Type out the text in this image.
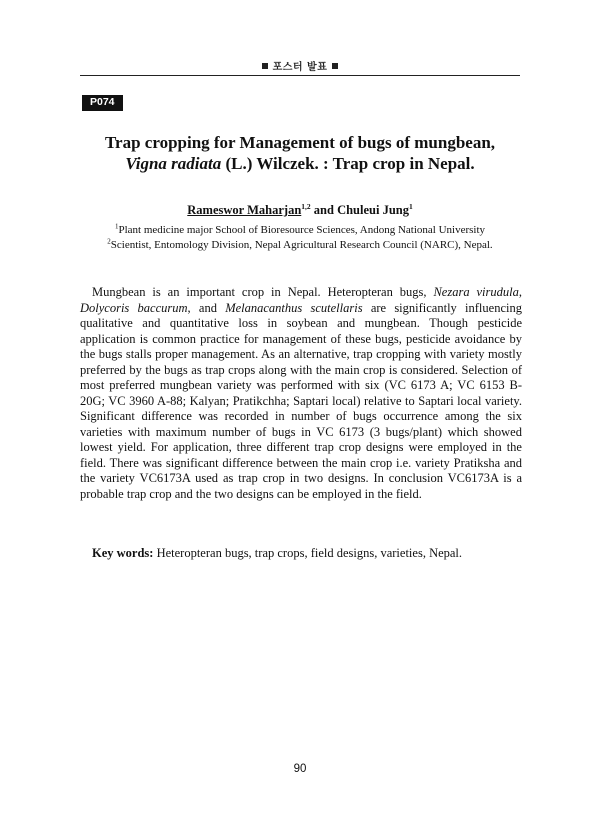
포스터 발표
P074
Trap cropping for Management of bugs of mungbean,
Vigna radiata (L.) Wilczek. : Trap crop in Nepal.
Rameswor Maharjan$^{1,2}$ and Chuleui Jung$^1$
$^1$Plant medicine major School of Bioresource Sciences, Andong National University
$^2$Scientist, Entomology Division, Nepal Agricultural Research Council (NARC), Nepal.

Mungbean is an important crop in Nepal. Heteropteran bugs, Nezara virudula, Dolycoris baccurum, and Melanacanthus scutellaris are significantly influencing qualitative and quantitative loss in soybean and mungbean. Though pesticide application is common practice for management of these bugs, pesticide avoidance by the bugs stalls proper management. As an alternative, trap cropping with variety mostly preferred by the bugs as trap crops along with the main crop is considered. Selection of most preferred mungbean variety was performed with six (VC 6173 A; VC 6153 B-20G; VC 3960 A-88; Kalyan; Pratikchha; Saptari local) relative to Saptari local variety. Significant difference was recorded in number of bugs occurrence among the six varieties with maximum number of bugs in VC 6173 (3 bugs/plant) which showed lowest yield. For application, three different trap crop designs were employed in the field. There was significant difference between the main crop i.e. variety Pratiksha and the variety VC6173A used as trap crop in two designs. In conclusion VC6173A is a probable trap crop and the two designs can be employed in the field.

Key words: Heteropteran bugs, trap crops, field designs, varieties, Nepal.

90
